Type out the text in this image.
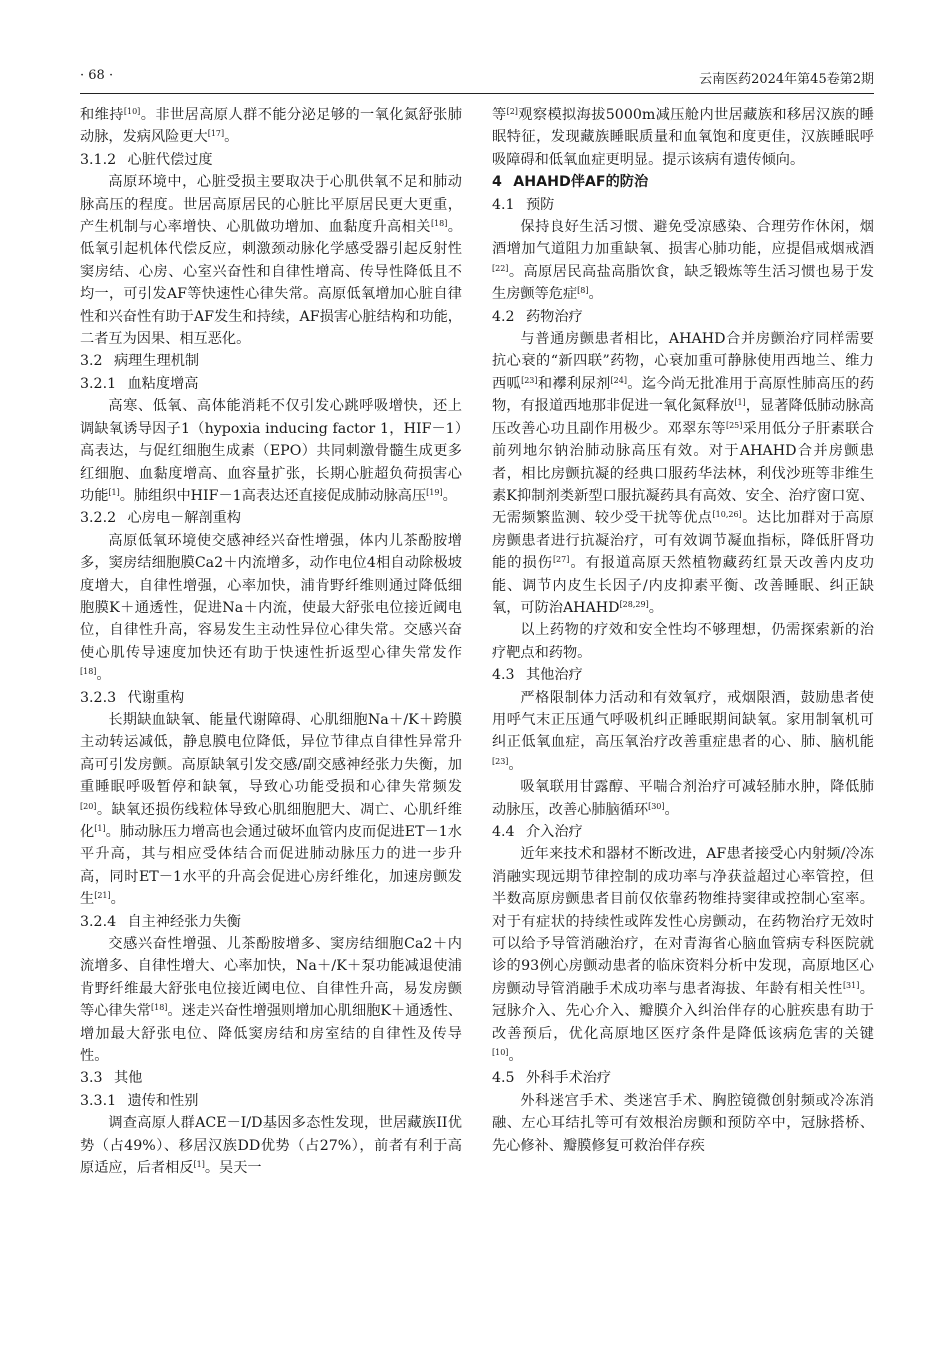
· 68 ·	云南医药2024年第45卷第2期

和维持[10]。非世居高原人群不能分泌足够的一氧化氮舒张肺动脉，发病风险更大[17]。

3.1.2 心脏代偿过度

高原环境中，心脏受损主要取决于心肌供氧不足和肺动脉高压的程度。世居高原居民的心脏比平原居民更大更重，产生机制与心率增快、心肌做功增加、血黏度升高相关[18]。低氧引起机体代偿反应，刺激颈动脉化学感受器引起反射性窦房结、心房、心室兴奋性和自律性增高、传导性降低且不均一，可引发AF等快速性心律失常。高原低氧增加心脏自律性和兴奋性有助于AF发生和持续，AF损害心脏结构和功能，二者互为因果、相互恶化。

3.2 病理生理机制

3.2.1 血粘度增高

高寒、低氧、高体能消耗不仅引发心跳呼吸增快，还上调缺氧诱导因子1（hypoxia inducing factor 1，HIF－1）高表达，与促红细胞生成素（EPO）共同刺激骨髓生成更多红细胞、血黏度增高、血容量扩张，长期心脏超负荷损害心功能[1]。肺组织中HIF－1高表达还直接促成肺动脉高压[19]。

3.2.2 心房电－解剖重构

高原低氧环境使交感神经兴奋性增强，体内儿茶酚胺增多，窦房结细胞膜Ca2＋内流增多，动作电位4相自动除极坡度增大，自律性增强，心率加快，浦肯野纤维则通过降低细胞膜K＋通透性，促进Na＋内流，使最大舒张电位接近阈电位，自律性升高，容易发生主动性异位心律失常。交感兴奋使心肌传导速度加快还有助于快速性折返型心律失常发作[18]。

3.2.3 代谢重构

长期缺血缺氧、能量代谢障碍、心肌细胞Na＋/K＋跨膜主动转运减低，静息膜电位降低，异位节律点自律性异常升高可引发房颤。高原缺氧引发交感/副交感神经张力失衡，加重睡眠呼吸暂停和缺氧，导致心功能受损和心律失常频发[20]。缺氧还损伤线粒体导致心肌细胞肥大、凋亡、心肌纤维化[1]。肺动脉压力增高也会通过破坏血管内皮而促进ET－1水平升高，其与相应受体结合而促进肺动脉压力的进一步升高，同时ET－1水平的升高会促进心房纤维化，加速房颤发生[21]。

3.2.4 自主神经张力失衡

交感兴奋性增强、儿茶酚胺增多、窦房结细胞Ca2＋内流增多、自律性增大、心率加快，Na＋/K＋泵功能减退使浦肯野纤维最大舒张电位接近阈电位、自律性升高，易发房颤等心律失常[18]。迷走兴奋性增强则增加心肌细胞K＋通透性、增加最大舒张电位、降低窦房结和房室结的自律性及传导性。

3.3 其他

3.3.1 遗传和性别

调查高原人群ACE－I/D基因多态性发现，世居藏族II优势（占49%）、移居汉族DD优势（占27%），前者有利于高原适应，后者相反[1]。吴天一

等[2]观察模拟海拔5000m减压舱内世居藏族和移居汉族的睡眠特征，发现藏族睡眠质量和血氧饱和度更佳，汉族睡眠呼吸障碍和低氧血症更明显。提示该病有遗传倾向。

4 AHAHD伴AF的防治

4.1 预防

保持良好生活习惯、避免受凉感染、合理劳作休闲，烟酒增加气道阻力加重缺氧、损害心肺功能，应提倡戒烟戒酒[22]。高原居民高盐高脂饮食，缺乏锻炼等生活习惯也易于发生房颤等危症[8]。

4.2 药物治疗

与普通房颤患者相比，AHAHD合并房颤治疗同样需要抗心衰的“新四联”药物，心衰加重可静脉使用西地兰、维力西呱[23]和襻利尿剂[24]。迄今尚无批准用于高原性肺高压的药物，有报道西地那非促进一氧化氮释放[1]，显著降低肺动脉高压改善心功且副作用极少。邓翠东等[25]采用低分子肝素联合前列地尔钠治肺动脉高压有效。对于AHAHD合并房颤患者，相比房颤抗凝的经典口服药华法林，利伐沙班等非维生素K抑制剂类新型口服抗凝药具有高效、安全、治疗窗口宽、无需频繁监测、较少受干扰等优点[10,26]。达比加群对于高原房颤患者进行抗凝治疗，可有效调节凝血指标，降低肝肾功能的损伤[27]。有报道高原天然植物藏药红景天改善内皮功能、调节内皮生长因子/内皮抑素平衡、改善睡眠、纠正缺氧，可防治AHAHD[28,29]。

以上药物的疗效和安全性均不够理想，仍需探索新的治疗靶点和药物。

4.3 其他治疗

严格限制体力活动和有效氧疗，戒烟限酒，鼓励患者使用呼气末正压通气呼吸机纠正睡眠期间缺氧。家用制氧机可纠正低氧血症，高压氧治疗改善重症患者的心、肺、脑机能[23]。

吸氧联用甘露醇、平喘合剂治疗可减轻肺水肿，降低肺动脉压，改善心肺脑循环[30]。

4.4 介入治疗

近年来技术和器材不断改进，AF患者接受心内射频/冷冻消融实现远期节律控制的成功率与净获益超过心率管控，但半数高原房颤患者目前仅依靠药物维持窦律或控制心室率。对于有症状的持续性或阵发性心房颤动，在药物治疗无效时可以给予导管消融治疗，在对青海省心脑血管病专科医院就诊的93例心房颤动患者的临床资料分析中发现，高原地区心房颤动导管消融手术成功率与患者海拔、年龄有相关性[31]。冠脉介入、先心介入、瓣膜介入纠治伴存的心脏疾患有助于改善预后，优化高原地区医疗条件是降低该病危害的关键[10]。

4.5 外科手术治疗

外科迷宫手术、类迷宫手术、胸腔镜微创射频或冷冻消融、左心耳结扎等可有效根治房颤和预防卒中，冠脉搭桥、先心修补、瓣膜修复可救治伴存疾
